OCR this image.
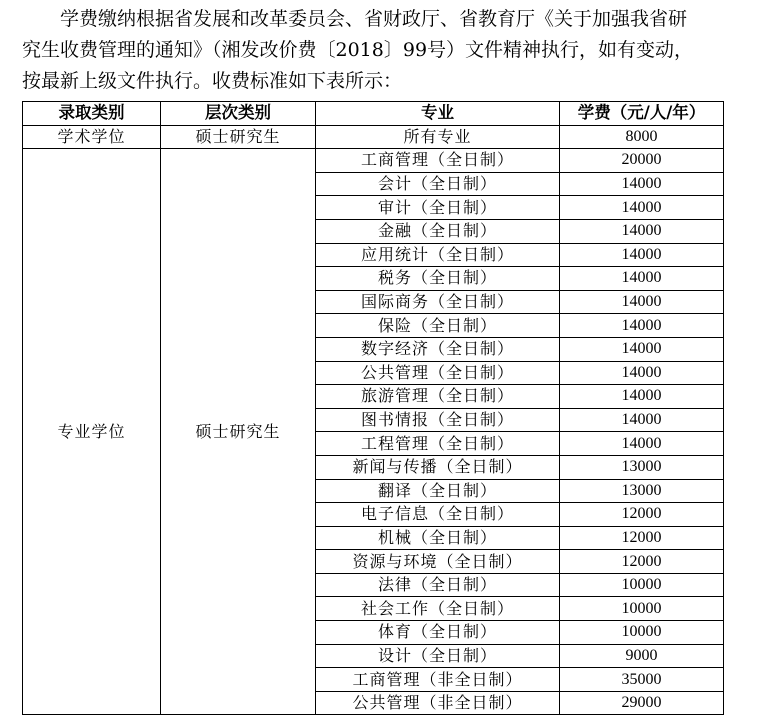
学费缴纳根据省发展和改革委员会、省财政厅、省教育厅《关于加强我省研
究生收费管理的通知》（湘发改价费〔2018〕99号）文件精神执行，如有变动，
按最新上级文件执行。收费标准如下表所示：

录取类别	层次类别	专业	学费（元/人/年）
学术学位	硕士研究生	所有专业	8000
专业学位	硕士研究生	工商管理（全日制）	20000
		会计（全日制）	14000
		审计（全日制）	14000
		金融（全日制）	14000
		应用统计（全日制）	14000
		税务（全日制）	14000
		国际商务（全日制）	14000
		保险（全日制）	14000
		数字经济（全日制）	14000
		公共管理（全日制）	14000
		旅游管理（全日制）	14000
		图书情报（全日制）	14000
		工程管理（全日制）	14000
		新闻与传播（全日制）	13000
		翻译（全日制）	13000
		电子信息（全日制）	12000
		机械（全日制）	12000
		资源与环境（全日制）	12000
		法律（全日制）	10000
		社会工作（全日制）	10000
		体育（全日制）	10000
		设计（全日制）	9000
		工商管理（非全日制）	35000
		公共管理（非全日制）	29000
